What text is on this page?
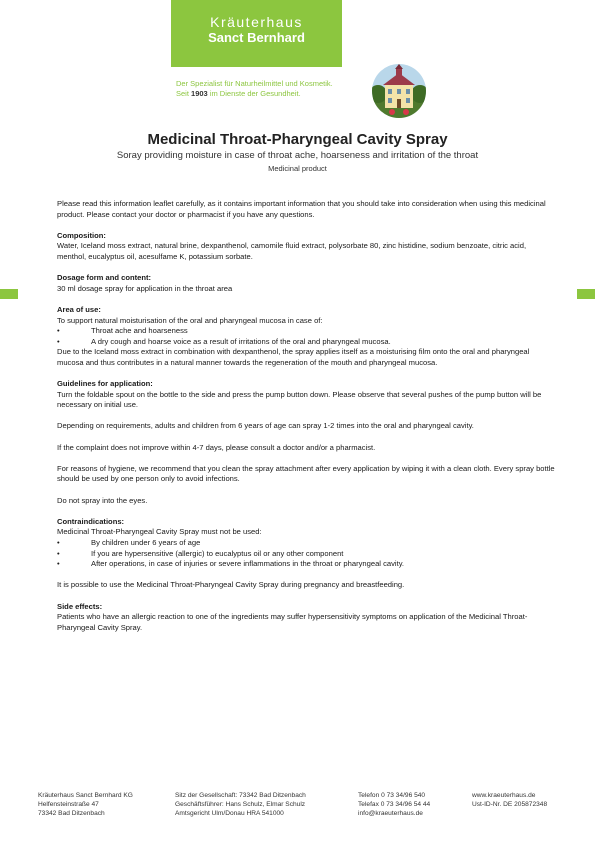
Kräuterhaus
Sanct Bernhard
Der Spezialist für Naturheilmittel und Kosmetik.
Seit 1903 im Dienste der Gesundheit.
Medicinal Throat-Pharyngeal Cavity Spray
Soray providing moisture in case of throat ache, hoarseness and irritation of the throat
Medicinal product

Please read this information leaflet carefully, as it contains important information that you should take into consideration when using this medicinal product. Please contact your doctor or pharmacist if you have any questions.

Composition:

Water, Iceland moss extract, natural brine, dexpanthenol, camomile fluid extract, polysorbate 80, zinc histidine, sodium benzoate, citric acid, menthol, eucalyptus oil, acesulfame K, potassium sorbate.

Dosage form and content:

30 ml dosage spray for application in the throat area

Area of use:

To support natural moisturisation of the oral and pharyngeal mucosa in case of:

•	Throat ache and hoarseness
•	A dry cough and hoarse voice as a result of irritations of the oral and pharyngeal mucosa.

Due to the Iceland moss extract in combination with dexpanthenol, the spray applies itself as a moisturising film onto the oral and pharyngeal mucosa and thus contributes in a natural manner towards the regeneration of the mouth and pharyngeal mucosa.

Guidelines for application:

Turn the foldable spout on the bottle to the side and press the pump button down. Please observe that several pushes of the pump button will be necessary on initial use.

Depending on requirements, adults and children from 6 years of age can spray 1-2 times into the oral and pharyngeal cavity.

If the complaint does not improve within 4-7 days, please consult a doctor and/or a pharmacist.

For reasons of hygiene, we recommend that you clean the spray attachment after every application by wiping it with a clean cloth. Every spray bottle should be used by one person only to avoid infections.

Do not spray into the eyes.

Contraindications:

Medicinal Throat-Pharyngeal Cavity Spray must not be used:

•	By children under 6 years of age
•	If you are hypersensitive (allergic) to eucalyptus oil or any other component
•	After operations, in case of injuries or severe inflammations in the throat or pharyngeal cavity.

It is possible to use the Medicinal Throat-Pharyngeal Cavity Spray during pregnancy and breastfeeding.

Side effects:

Patients who have an allergic reaction to one of the ingredients may suffer hypersensitivity symptoms on application of the Medicinal Throat- Pharyngeal Cavity Spray.

Kräuterhaus Sanct Bernhard KG
Helfensteinstraße 47
73342 Bad Ditzenbach
Sitz der Gesellschaft: 73342 Bad Ditzenbach
Geschäftsführer: Hans Schulz, Elmar Schulz
Amtsgericht Ulm/Donau HRA 541000
Telefon 0 73 34/96 540
Telefax 0 73 34/96 54 44
info@kraeuterhaus.de
www.kraeuterhaus.de
Ust-ID-Nr. DE 205872348
